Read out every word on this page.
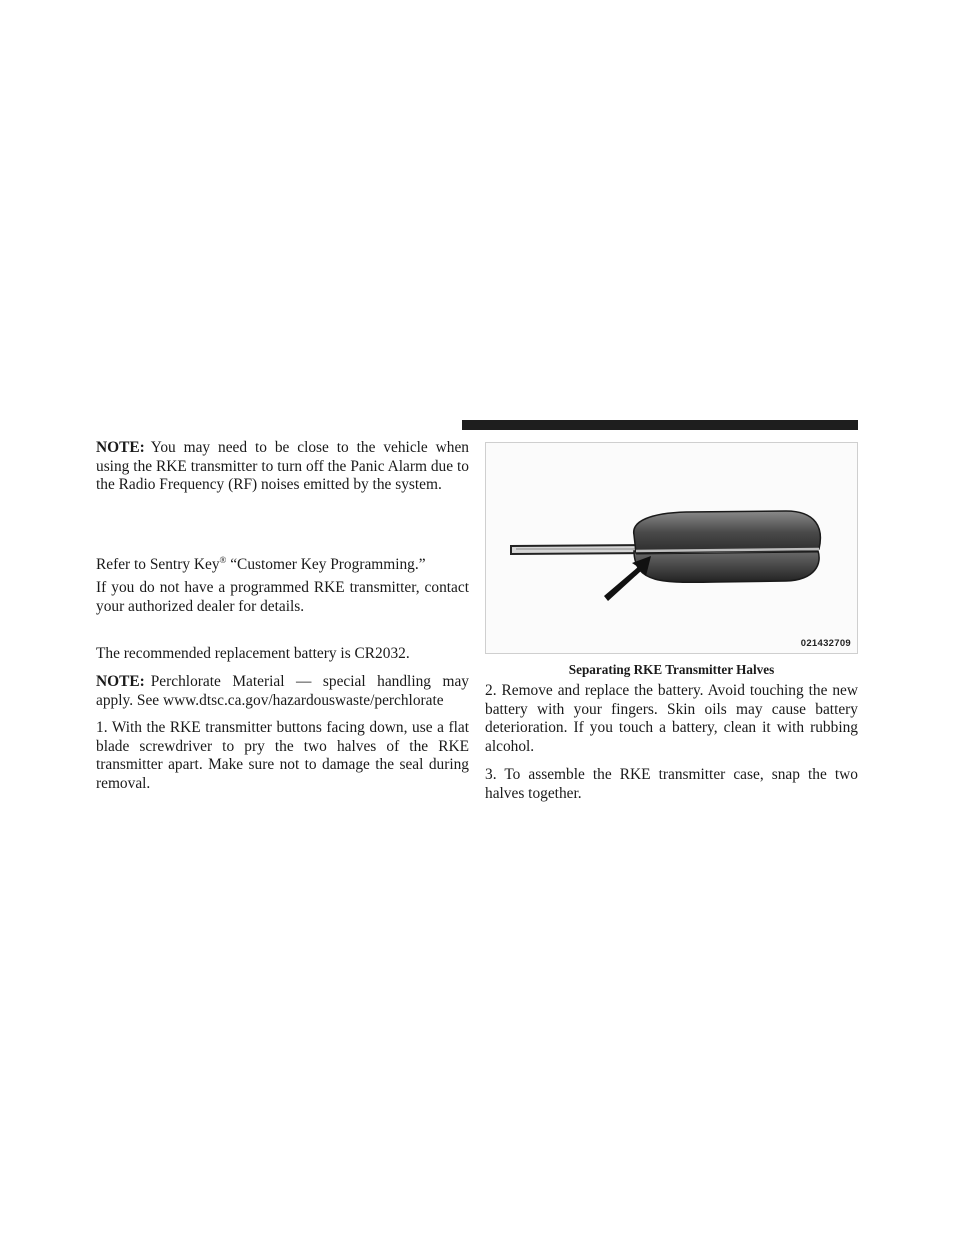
NOTE: You may need to be close to the vehicle when using the RKE transmitter to turn off the Panic Alarm due to the Radio Frequency (RF) noises emitted by the system.
Refer to Sentry Key® “Customer Key Programming.”
If you do not have a programmed RKE transmitter, contact your authorized dealer for details.
The recommended replacement battery is CR2032.
NOTE: Perchlorate Material — special handling may apply. See www.dtsc.ca.gov/hazardouswaste/perchlorate
1. With the RKE transmitter buttons facing down, use a flat blade screwdriver to pry the two halves of the RKE transmitter apart. Make sure not to damage the seal during removal.
021432709
Separating RKE Transmitter Halves
2. Remove and replace the battery. Avoid touching the new battery with your fingers. Skin oils may cause battery deterioration. If you touch a battery, clean it with rubbing alcohol.
3. To assemble the RKE transmitter case, snap the two halves together.
